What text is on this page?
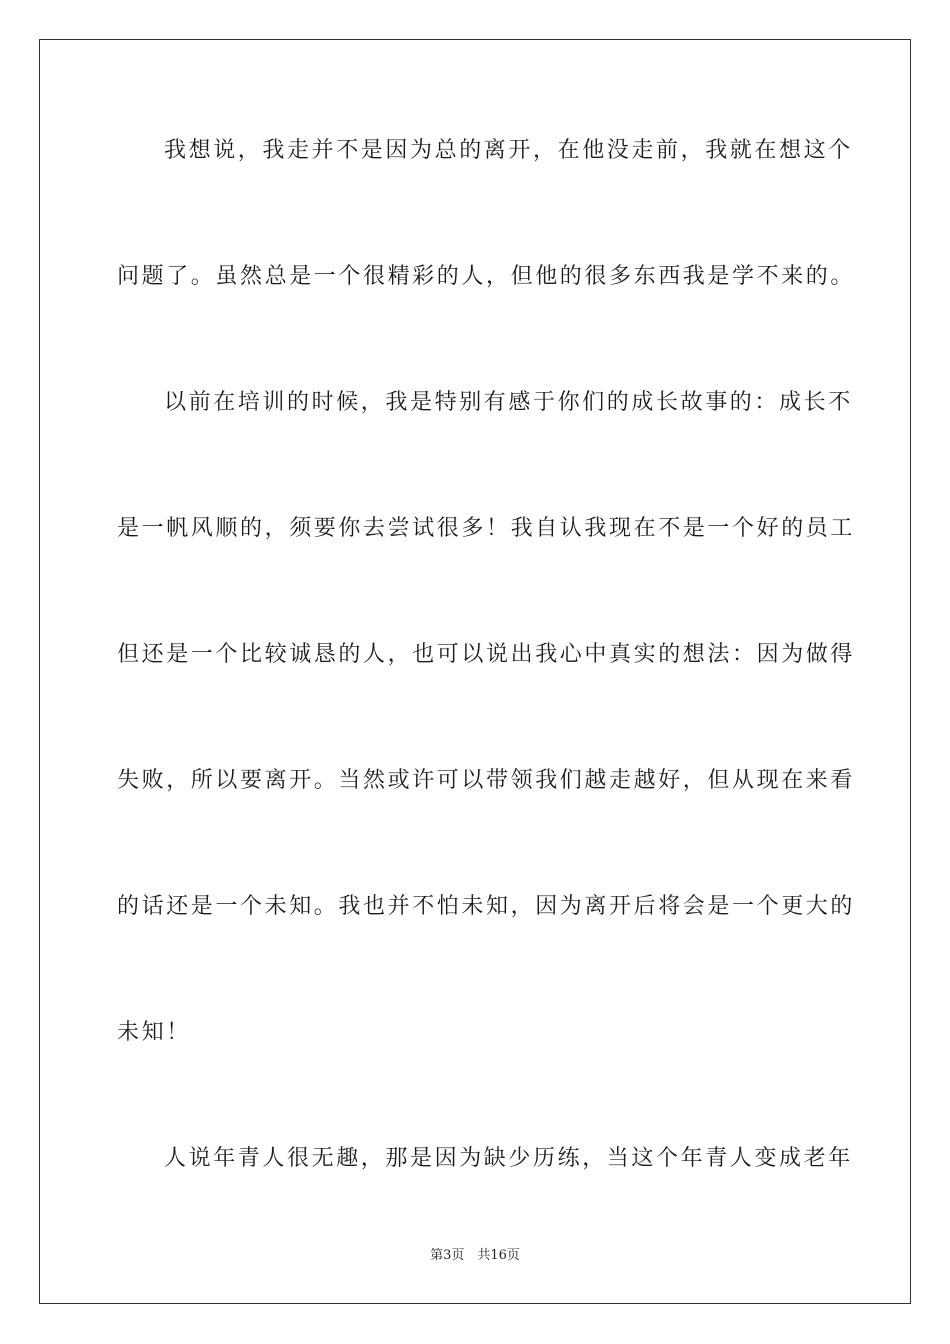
我想说，我走并不是因为总的离开，在他没走前，我就在想这个
问题了。虽然总是一个很精彩的人，但他的很多东西我是学不来的。
以前在培训的时候，我是特别有感于你们的成长故事的：成长不
是一帆风顺的，须要你去尝试很多！我自认我现在不是一个好的员工
但还是一个比较诚恳的人，也可以说出我心中真实的想法：因为做得
失败，所以要离开。当然或许可以带领我们越走越好，但从现在来看
的话还是一个未知。我也并不怕未知，因为离开后将会是一个更大的
未知！
人说年青人很无趣，那是因为缺少历练，当这个年青人变成老年
第3页　共16页
